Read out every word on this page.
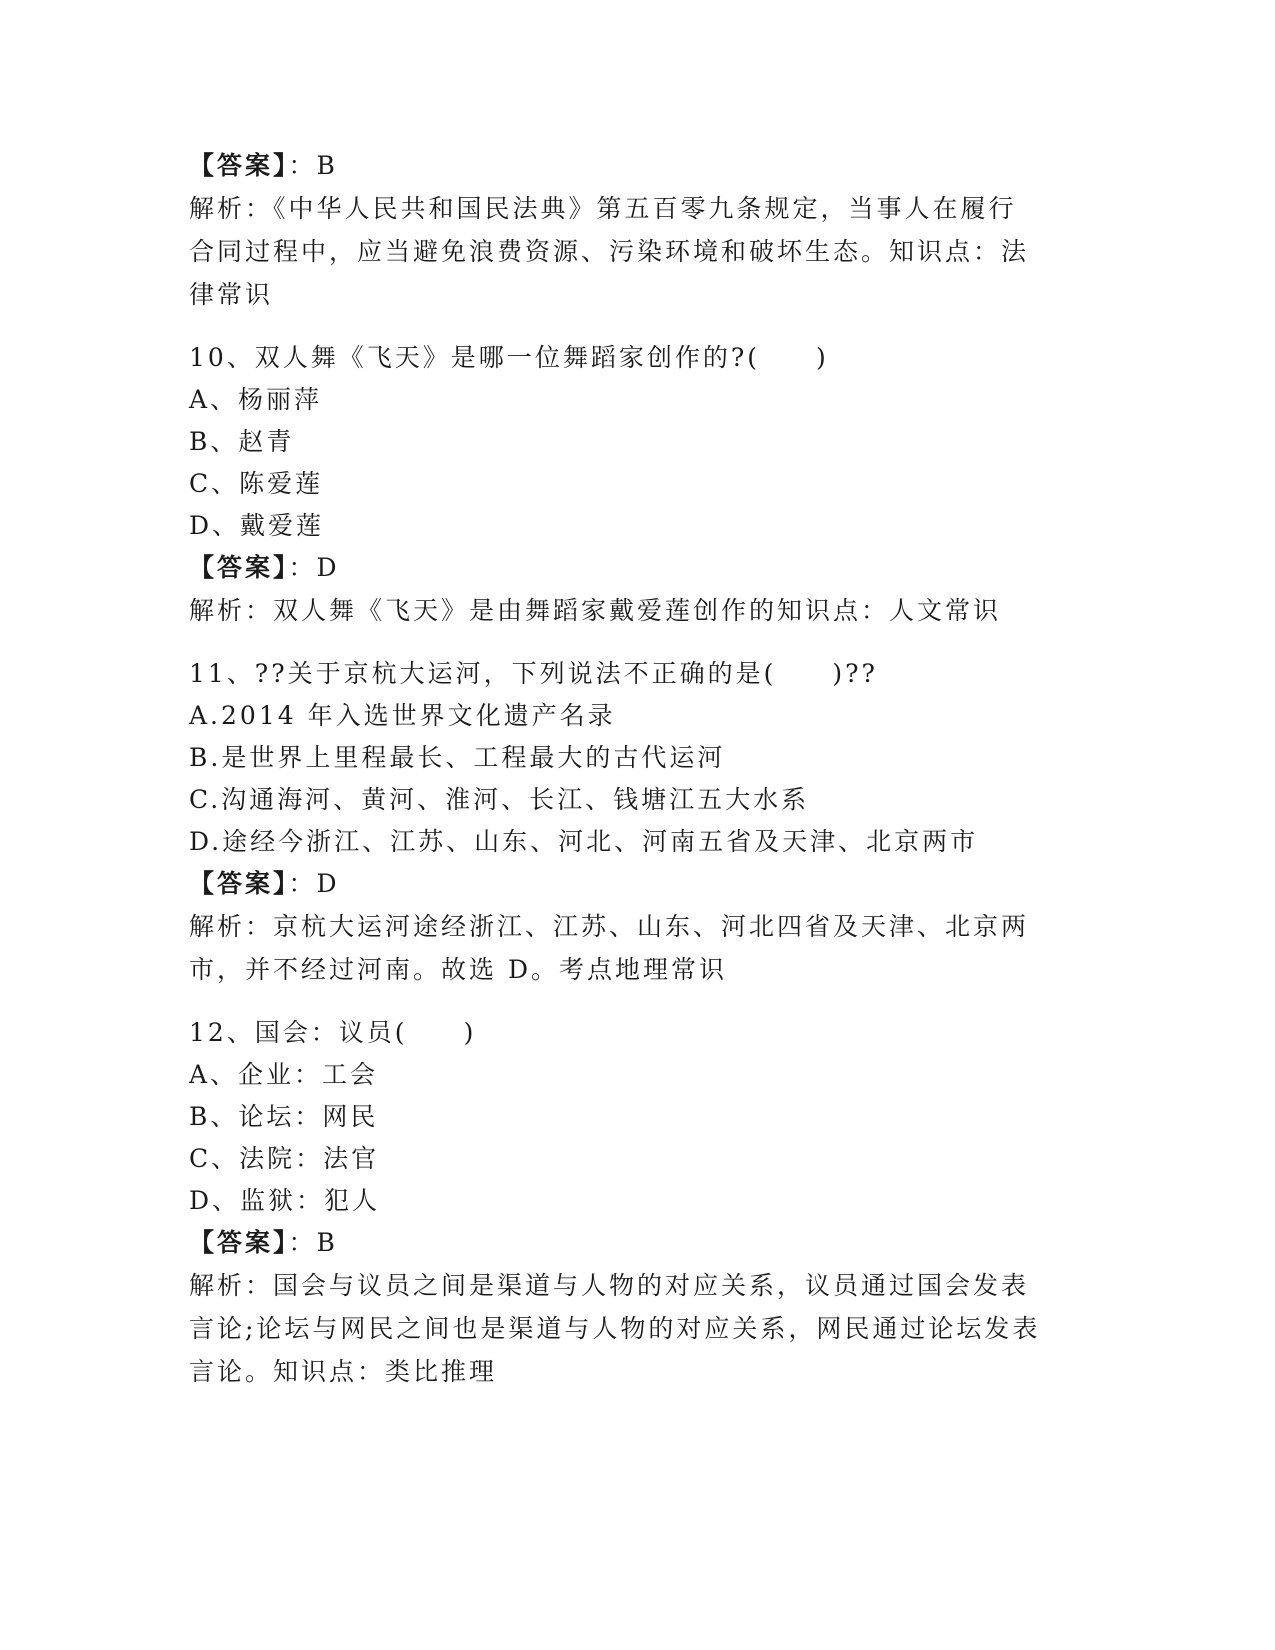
【 答案 】 ：B
解析：《中华人民共和国民法典》第五百零九条规定，当事人在履行
合同过程中，应当避免浪费资源、污染环境和破坏生态。知识点：法
律常识
10、双人舞《飞天》是哪一位舞蹈家创作的?(　　)
A、杨丽萍
B、赵青
C、陈爱莲
D、戴爱莲
【 答案 】 ：D
解析：双人舞《飞天》是由舞蹈家戴爱莲创作的知识点：人文常识
11、??关于京杭大运河，下列说法不正确的是(　　)??
A.2014 年入选世界文化遗产名录
B.是世界上里程最长、工程最大的古代运河
C.沟通海河、黄河、淮河、长江、钱塘江五大水系
D.途经今浙江、江苏、山东、河北、河南五省及天津、北京两市
【 答案 】 ：D
解析：京杭大运河途经浙江、江苏、山东、河北四省及天津、北京两
市，并不经过河南。故选 D。考点地理常识
12、国会：议员(　　)
A、企业：工会
B、论坛：网民
C、法院：法官
D、监狱：犯人
【 答案 】 ：B
解析：国会与议员之间是渠道与人物的对应关系，议员通过国会发表
言论;论坛与网民之间也是渠道与人物的对应关系，网民通过论坛发表
言论。知识点：类比推理
